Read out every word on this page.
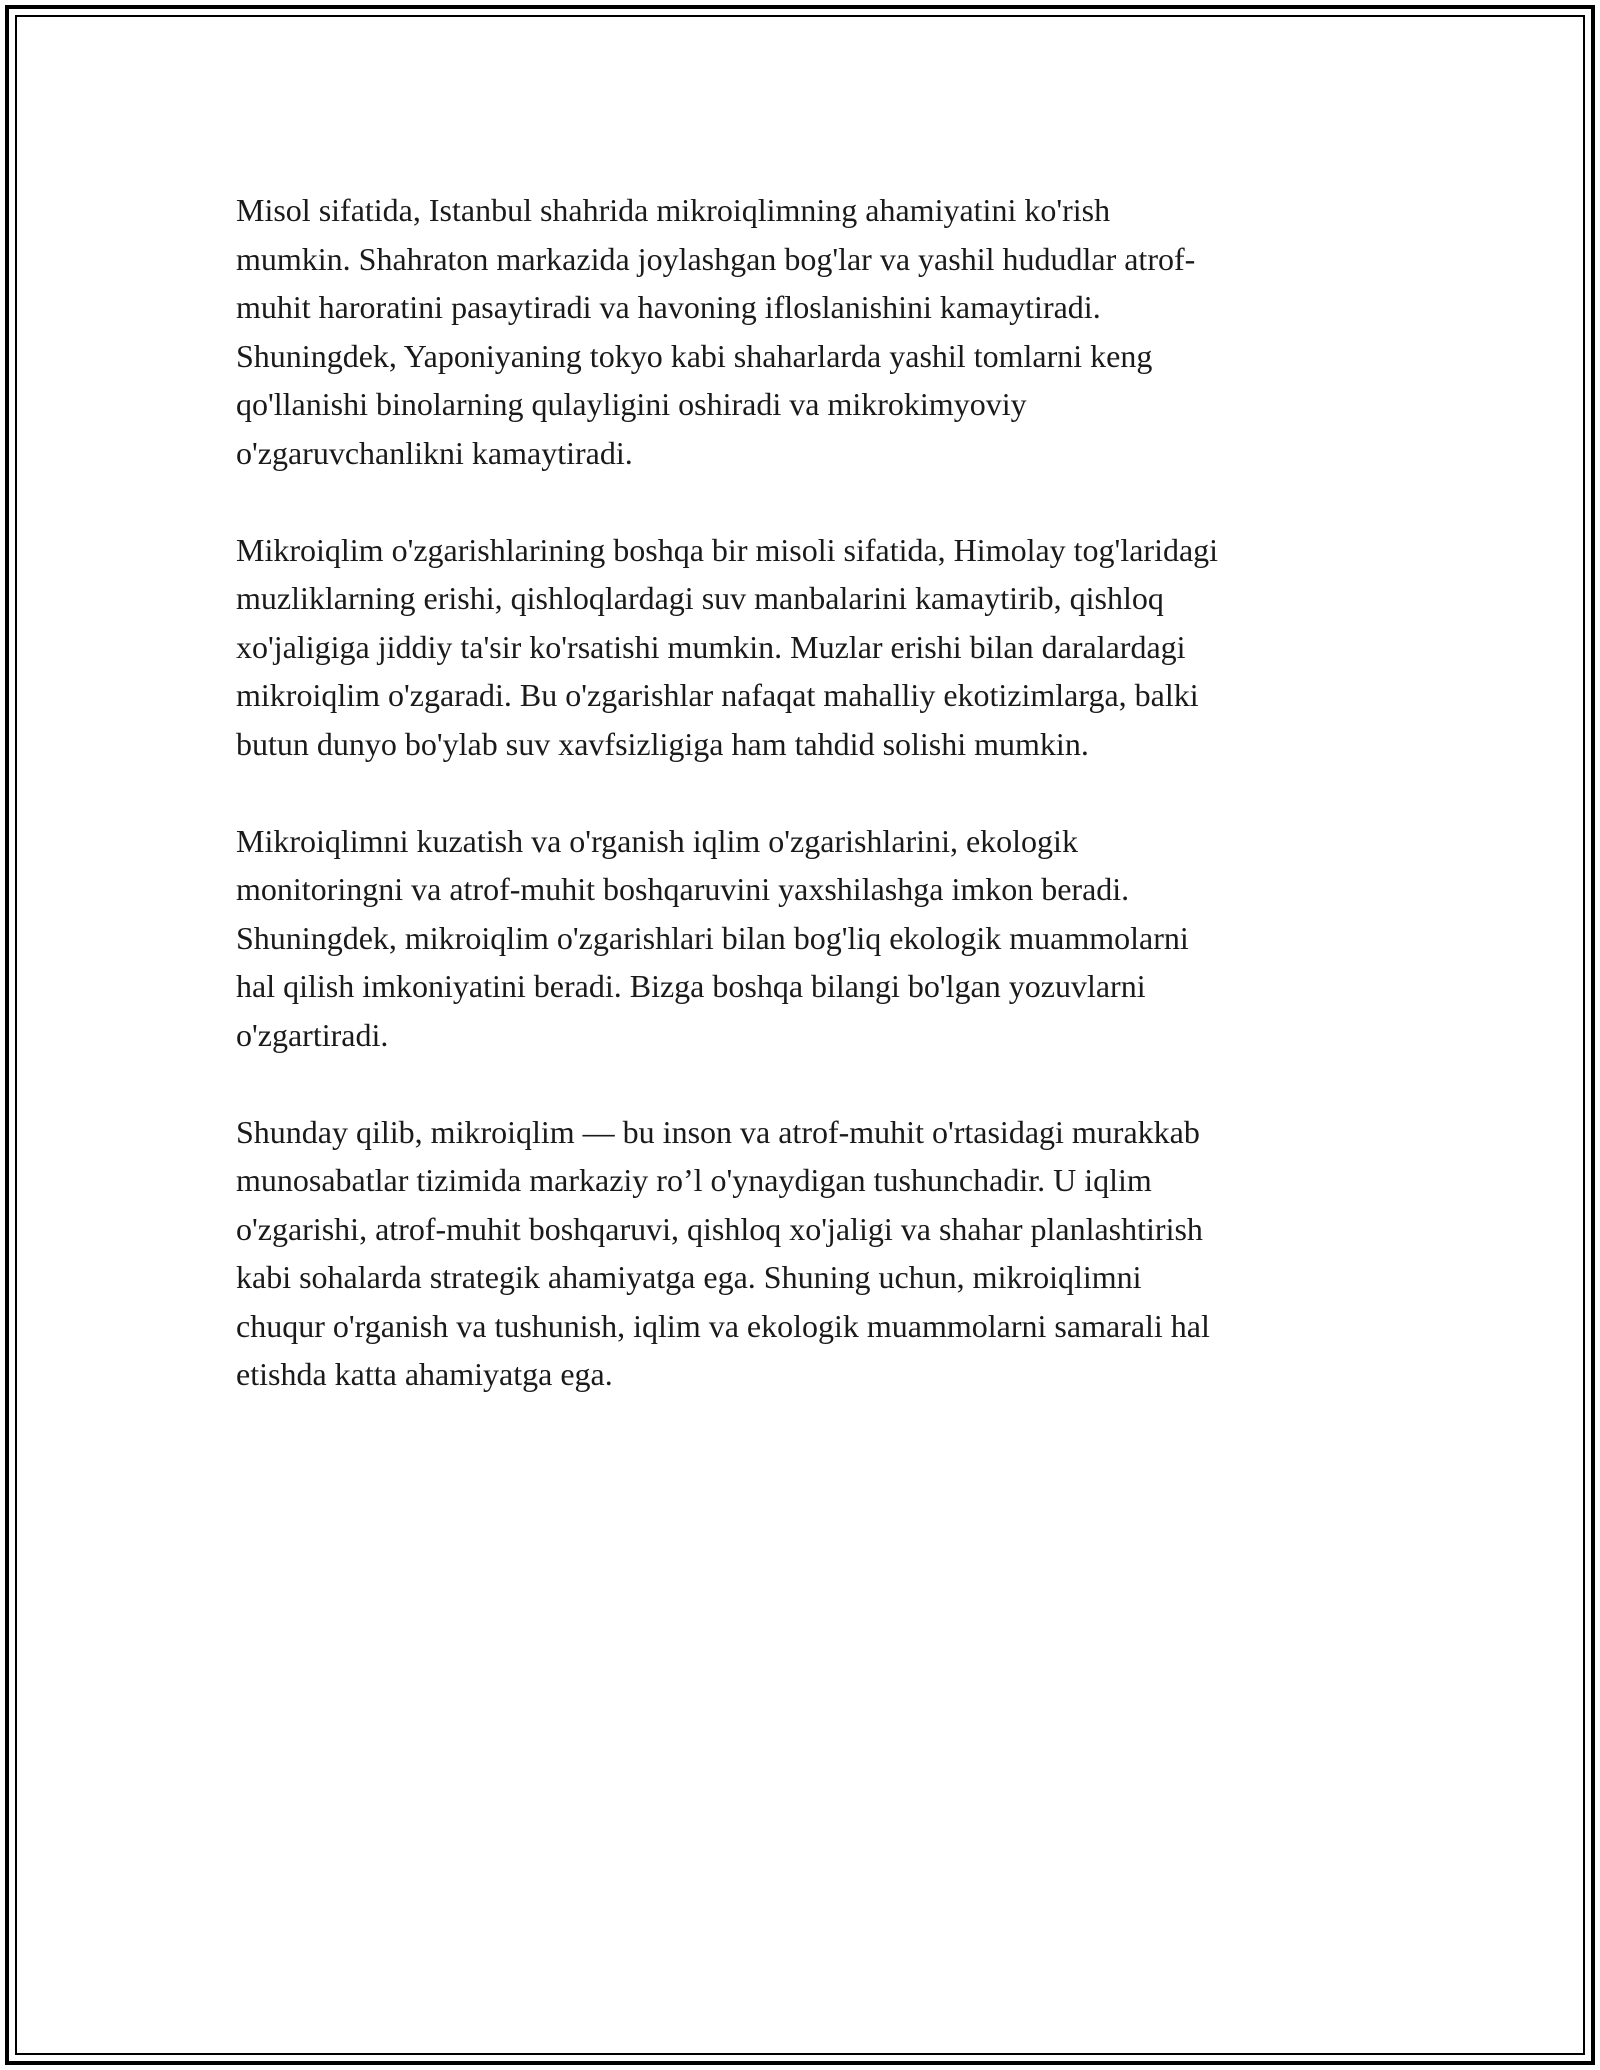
Misol sifatida, Istanbul shahrida mikroiqlimning ahamiyatini ko'rish
mumkin. Shahraton markazida joylashgan bog'lar va yashil hududlar atrof-
muhit haroratini pasaytiradi va havoning ifloslanishini kamaytiradi.
Shuningdek, Yaponiyaning tokyo kabi shaharlarda yashil tomlarni keng
qo'llanishi binolarning qulayligini oshiradi va mikrokimyoviy
o'zgaruvchanlikni kamaytiradi.

Mikroiqlim o'zgarishlarining boshqa bir misoli sifatida, Himolay tog'laridagi
muzliklarning erishi, qishloqlardagi suv manbalarini kamaytirib, qishloq
xo'jaligiga jiddiy ta'sir ko'rsatishi mumkin. Muzlar erishi bilan daralardagi
mikroiqlim o'zgaradi. Bu o'zgarishlar nafaqat mahalliy ekotizimlarga, balki
butun dunyo bo'ylab suv xavfsizligiga ham tahdid solishi mumkin.

Mikroiqlimni kuzatish va o'rganish iqlim o'zgarishlarini, ekologik
monitoringni va atrof-muhit boshqaruvini yaxshilashga imkon beradi.
Shuningdek, mikroiqlim o'zgarishlari bilan bog'liq ekologik muammolarni
hal qilish imkoniyatini beradi. Bizga boshqa bilangi bo'lgan yozuvlarni
o'zgartiradi.

Shunday qilib, mikroiqlim — bu inson va atrof-muhit o'rtasidagi murakkab
munosabatlar tizimida markaziy ro’l o'ynaydigan tushunchadir. U iqlim
o'zgarishi, atrof-muhit boshqaruvi, qishloq xo'jaligi va shahar planlashtirish
kabi sohalarda strategik ahamiyatga ega. Shuning uchun, mikroiqlimni
chuqur o'rganish va tushunish, iqlim va ekologik muammolarni samarali hal
etishda katta ahamiyatga ega.
